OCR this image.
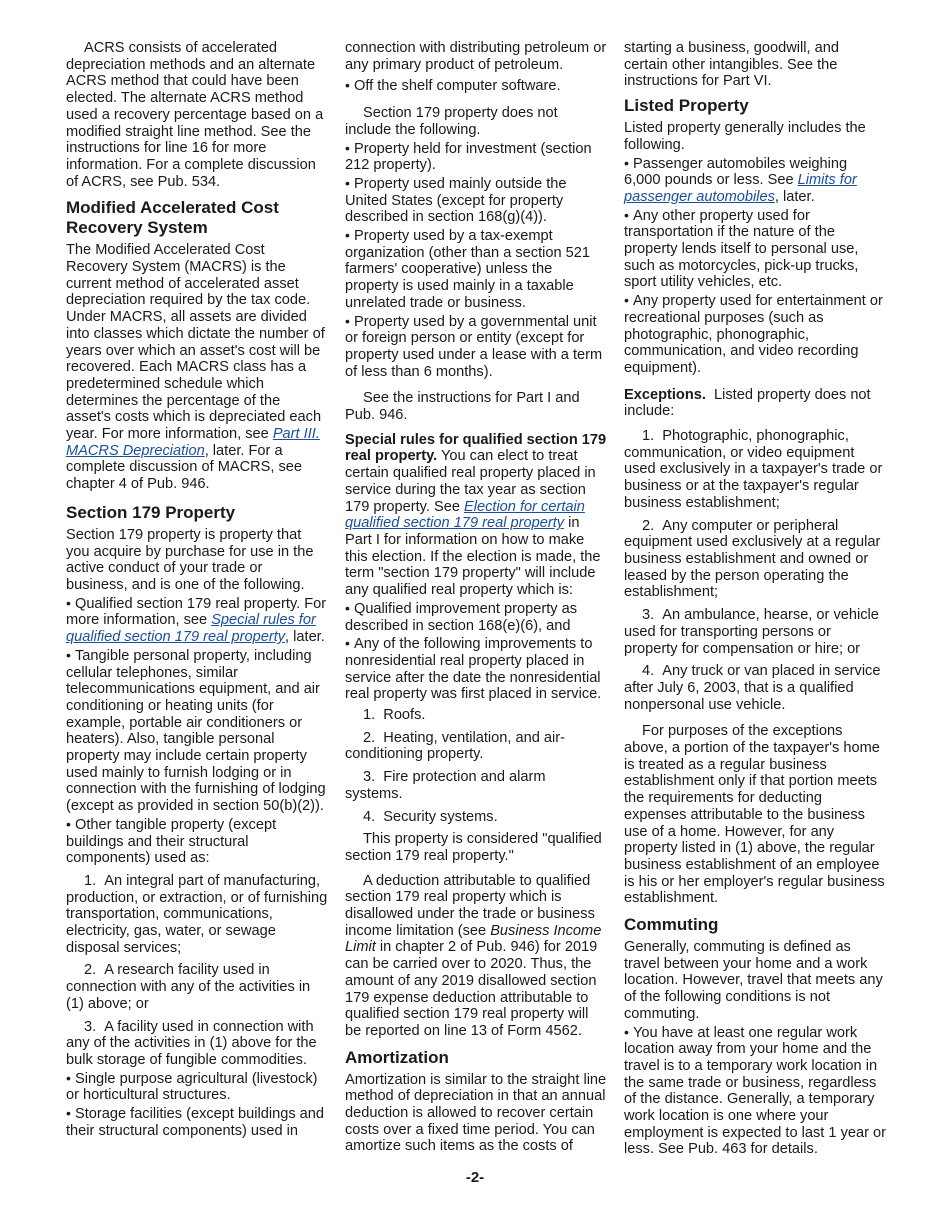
ACRS consists of accelerated depreciation methods and an alternate ACRS method that could have been elected. The alternate ACRS method used a recovery percentage based on a modified straight line method. See the instructions for line 16 for more information. For a complete discussion of ACRS, see Pub. 534.

Modified Accelerated Cost Recovery System

The Modified Accelerated Cost Recovery System (MACRS) is the current method of accelerated asset depreciation required by the tax code. Under MACRS, all assets are divided into classes which dictate the number of years over which an asset's cost will be recovered. Each MACRS class has a predetermined schedule which determines the percentage of the asset's costs which is depreciated each year. For more information, see Part III. MACRS Depreciation, later. For a complete discussion of MACRS, see chapter 4 of Pub. 946.

Section 179 Property

Section 179 property is property that you acquire by purchase for use in the active conduct of your trade or business, and is one of the following.

• Qualified section 179 real property. For more information, see Special rules for qualified section 179 real property, later.

• Tangible personal property, including cellular telephones, similar telecommunications equipment, and air conditioning or heating units (for example, portable air conditioners or heaters). Also, tangible personal property may include certain property used mainly to furnish lodging or in connection with the furnishing of lodging (except as provided in section 50(b)(2)).

• Other tangible property (except buildings and their structural components) used as:

1.  An integral part of manufacturing, production, or extraction, or of furnishing transportation, communications, electricity, gas, water, or sewage disposal services;

2.  A research facility used in connection with any of the activities in (1) above; or

3.  A facility used in connection with any of the activities in (1) above for the bulk storage of fungible commodities.

• Single purpose agricultural (livestock) or horticultural structures.

• Storage facilities (except buildings and their structural components) used in

connection with distributing petroleum or any primary product of petroleum.

• Off the shelf computer software.

Section 179 property does not include the following.

• Property held for investment (section 212 property).

• Property used mainly outside the United States (except for property described in section 168(g)(4)).

• Property used by a tax-exempt organization (other than a section 521 farmers' cooperative) unless the property is used mainly in a taxable unrelated trade or business.

• Property used by a governmental unit or foreign person or entity (except for property used under a lease with a term of less than 6 months).

See the instructions for Part I and Pub. 946.

Special rules for qualified section 179 real property. You can elect to treat certain qualified real property placed in service during the tax year as section 179 property. See Election for certain qualified section 179 real property in Part I for information on how to make this election. If the election is made, the term "section 179 property" will include any qualified real property which is:

• Qualified improvement property as described in section 168(e)(6), and

• Any of the following improvements to nonresidential real property placed in service after the date the nonresidential real property was first placed in service.

1.  Roofs.

2.  Heating, ventilation, and air-conditioning property.

3.  Fire protection and alarm systems.

4.  Security systems.

This property is considered "qualified section 179 real property."

A deduction attributable to qualified section 179 real property which is disallowed under the trade or business income limitation (see Business Income Limit in chapter 2 of Pub. 946) for 2019 can be carried over to 2020. Thus, the amount of any 2019 disallowed section 179 expense deduction attributable to qualified section 179 real property will be reported on line 13 of Form 4562.

Amortization

Amortization is similar to the straight line method of depreciation in that an annual deduction is allowed to recover certain costs over a fixed time period. You can amortize such items as the costs of

starting a business, goodwill, and certain other intangibles. See the instructions for Part VI.

Listed Property

Listed property generally includes the following.

• Passenger automobiles weighing 6,000 pounds or less. See Limits for passenger automobiles, later.

• Any other property used for transportation if the nature of the property lends itself to personal use, such as motorcycles, pick-up trucks, sport utility vehicles, etc.

• Any property used for entertainment or recreational purposes (such as photographic, phonographic, communication, and video recording equipment).

Exceptions.  Listed property does not include:

1.  Photographic, phonographic, communication, or video equipment used exclusively in a taxpayer's trade or business or at the taxpayer's regular business establishment;

2.  Any computer or peripheral equipment used exclusively at a regular business establishment and owned or leased by the person operating the establishment;

3.  An ambulance, hearse, or vehicle used for transporting persons or property for compensation or hire; or

4.  Any truck or van placed in service after July 6, 2003, that is a qualified nonpersonal use vehicle.

For purposes of the exceptions above, a portion of the taxpayer's home is treated as a regular business establishment only if that portion meets the requirements for deducting expenses attributable to the business use of a home. However, for any property listed in (1) above, the regular business establishment of an employee is his or her employer's regular business establishment.

Commuting

Generally, commuting is defined as travel between your home and a work location. However, travel that meets any of the following conditions is not commuting.

• You have at least one regular work location away from your home and the travel is to a temporary work location in the same trade or business, regardless of the distance. Generally, a temporary work location is one where your employment is expected to last 1 year or less. See Pub. 463 for details.

-2-
